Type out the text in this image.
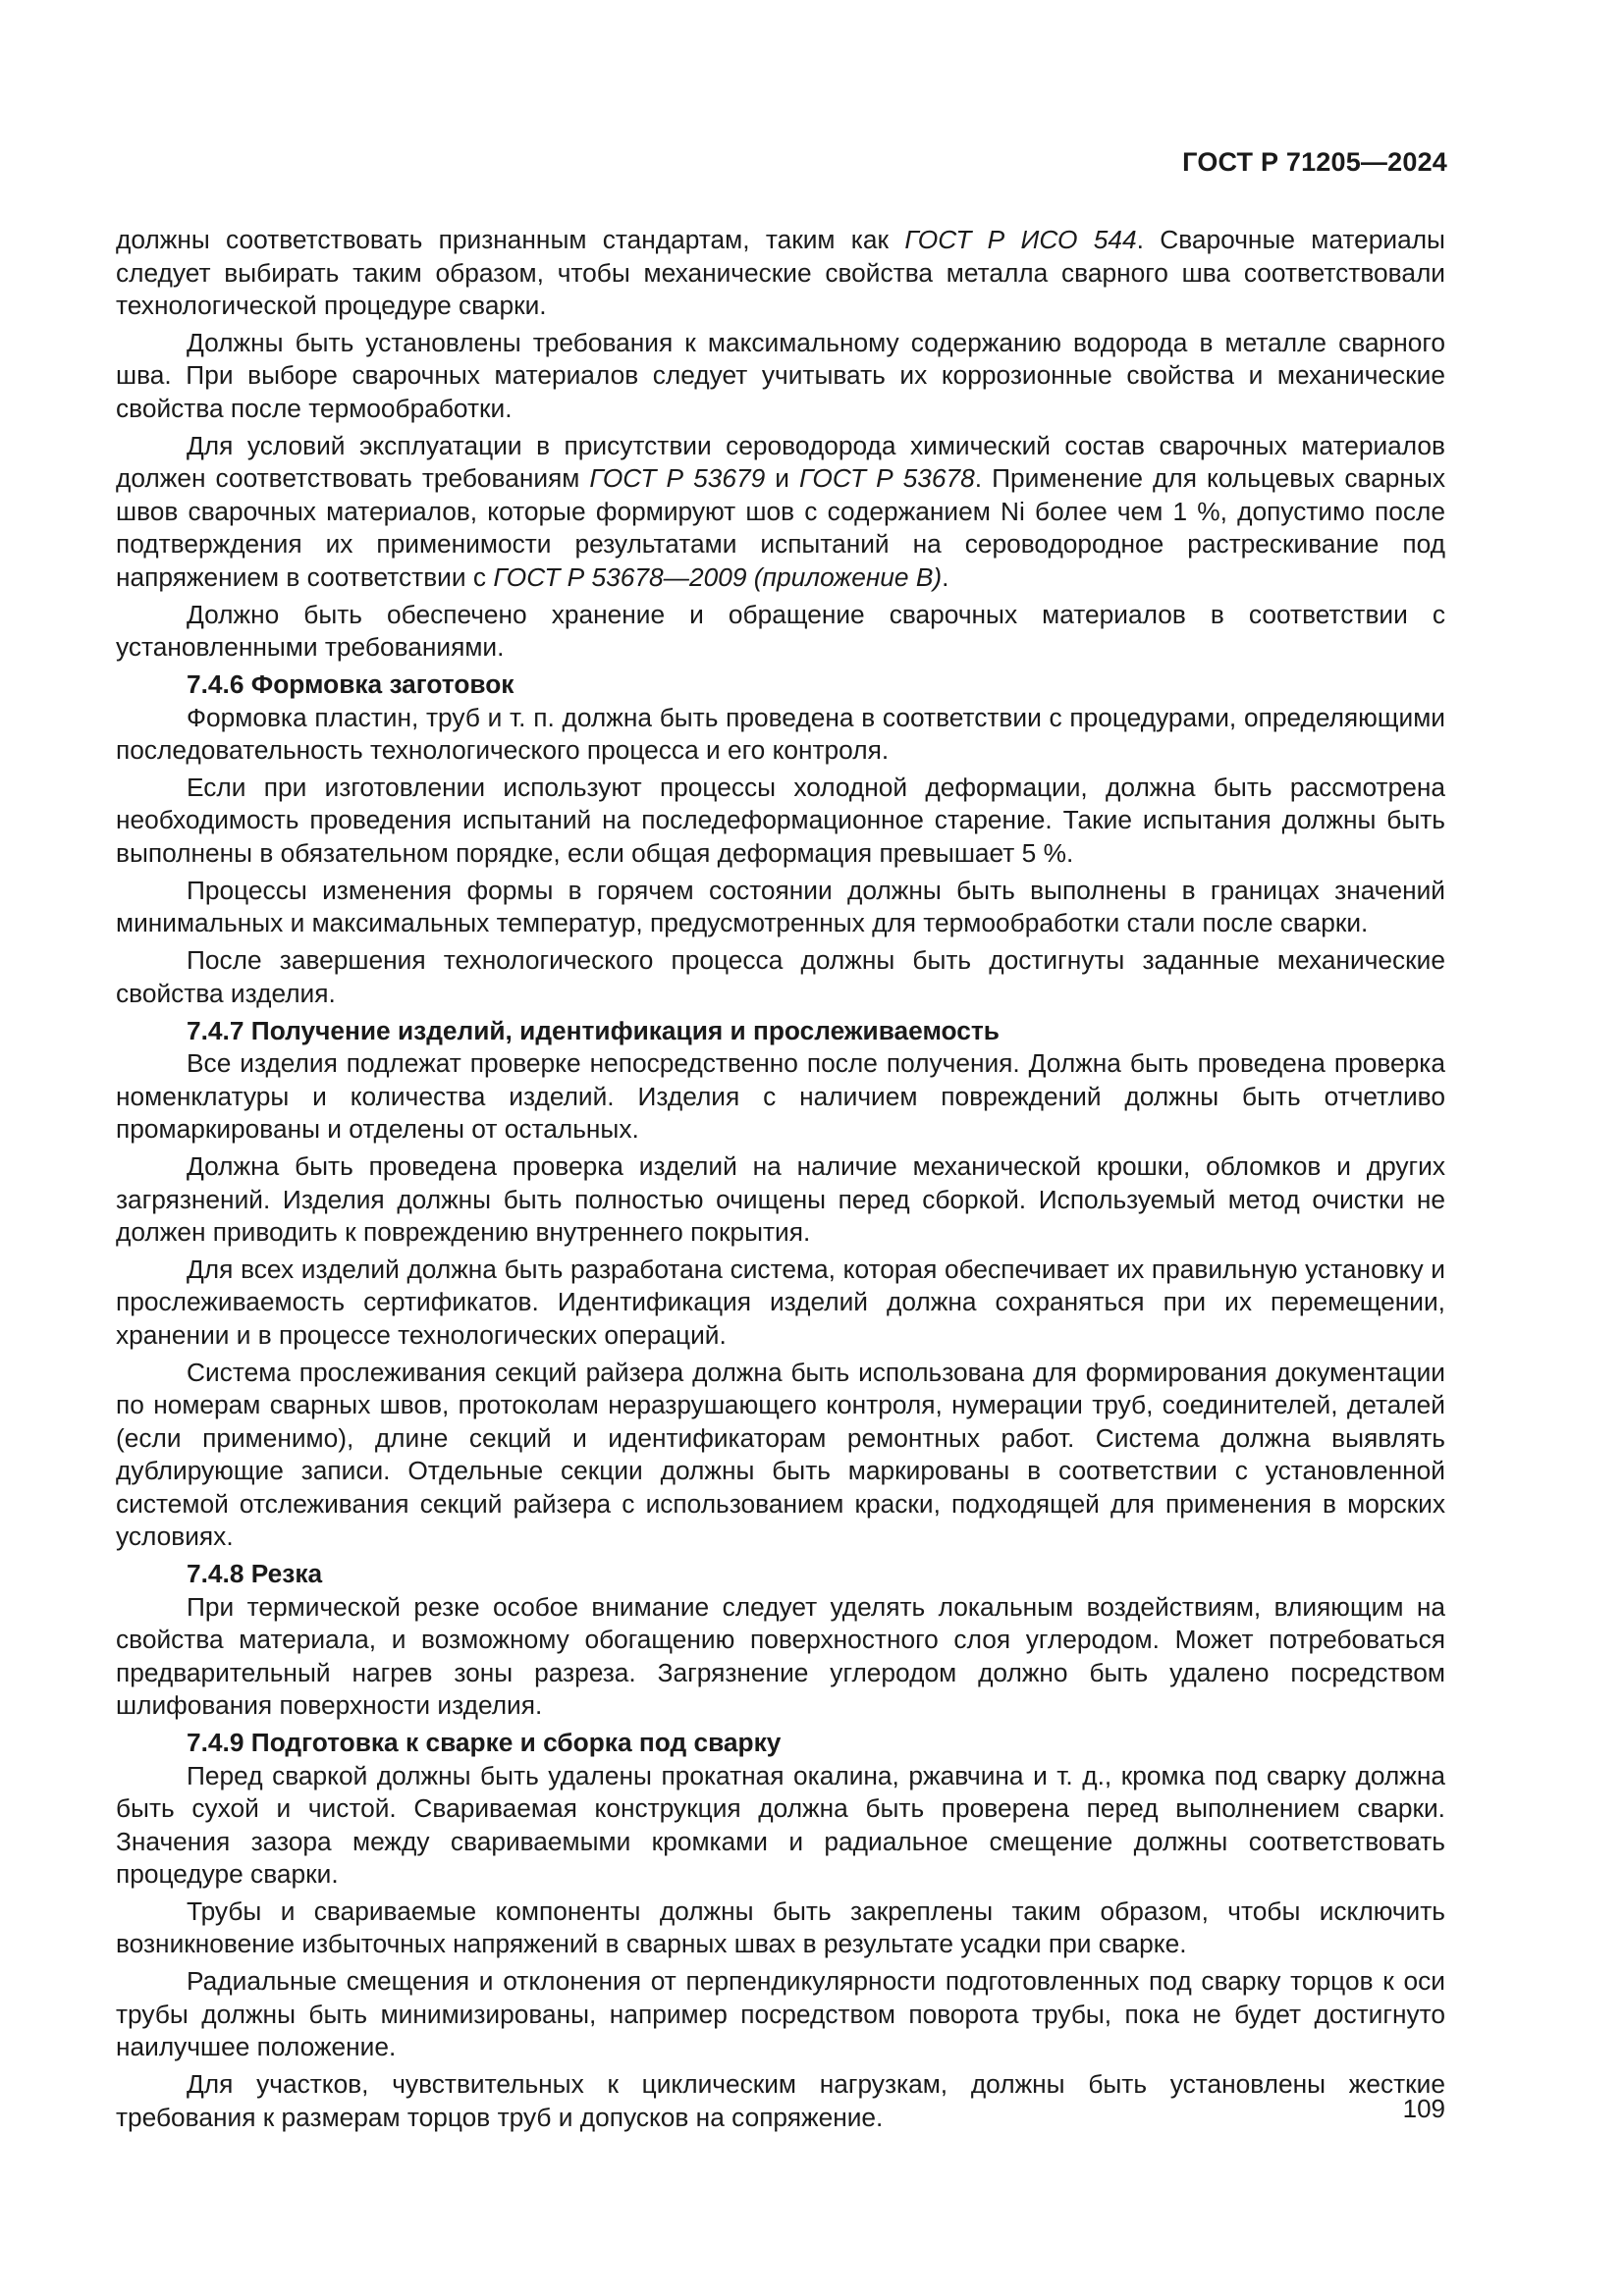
ГОСТ Р 71205—2024

должны соответствовать признанным стандартам, таким как ГОСТ Р ИСО 544. Сварочные материалы следует выбирать таким образом, чтобы механические свойства металла сварного шва соответствовали технологической процедуре сварки.

Должны быть установлены требования к максимальному содержанию водорода в металле сварного шва. При выборе сварочных материалов следует учитывать их коррозионные свойства и механические свойства после термообработки.

Для условий эксплуатации в присутствии сероводорода химический состав сварочных материалов должен соответствовать требованиям ГОСТ Р 53679 и ГОСТ Р 53678. Применение для кольцевых сварных швов сварочных материалов, которые формируют шов с содержанием Ni более чем 1 %, допустимо после подтверждения их применимости результатами испытаний на сероводородное растрескивание под напряжением в соответствии с ГОСТ Р 53678—2009 (приложение В).

Должно быть обеспечено хранение и обращение сварочных материалов в соответствии с установленными требованиями.

7.4.6 Формовка заготовок

Формовка пластин, труб и т. п. должна быть проведена в соответствии с процедурами, определяющими последовательность технологического процесса и его контроля.

Если при изготовлении используют процессы холодной деформации, должна быть рассмотрена необходимость проведения испытаний на последеформационное старение. Такие испытания должны быть выполнены в обязательном порядке, если общая деформация превышает 5 %.

Процессы изменения формы в горячем состоянии должны быть выполнены в границах значений минимальных и максимальных температур, предусмотренных для термообработки стали после сварки.

После завершения технологического процесса должны быть достигнуты заданные механические свойства изделия.

7.4.7 Получение изделий, идентификация и прослеживаемость

Все изделия подлежат проверке непосредственно после получения. Должна быть проведена проверка номенклатуры и количества изделий. Изделия с наличием повреждений должны быть отчетливо промаркированы и отделены от остальных.

Должна быть проведена проверка изделий на наличие механической крошки, обломков и других загрязнений. Изделия должны быть полностью очищены перед сборкой. Используемый метод очистки не должен приводить к повреждению внутреннего покрытия.

Для всех изделий должна быть разработана система, которая обеспечивает их правильную установку и прослеживаемость сертификатов. Идентификация изделий должна сохраняться при их перемещении, хранении и в процессе технологических операций.

Система прослеживания секций райзера должна быть использована для формирования документации по номерам сварных швов, протоколам неразрушающего контроля, нумерации труб, соединителей, деталей (если применимо), длине секций и идентификаторам ремонтных работ. Система должна выявлять дублирующие записи. Отдельные секции должны быть маркированы в соответствии с установленной системой отслеживания секций райзера с использованием краски, подходящей для применения в морских условиях.

7.4.8 Резка

При термической резке особое внимание следует уделять локальным воздействиям, влияющим на свойства материала, и возможному обогащению поверхностного слоя углеродом. Может потребоваться предварительный нагрев зоны разреза. Загрязнение углеродом должно быть удалено посредством шлифования поверхности изделия.

7.4.9 Подготовка к сварке и сборка под сварку

Перед сваркой должны быть удалены прокатная окалина, ржавчина и т. д., кромка под сварку должна быть сухой и чистой. Свариваемая конструкция должна быть проверена перед выполнением сварки. Значения зазора между свариваемыми кромками и радиальное смещение должны соответствовать процедуре сварки.

Трубы и свариваемые компоненты должны быть закреплены таким образом, чтобы исключить возникновение избыточных напряжений в сварных швах в результате усадки при сварке.

Радиальные смещения и отклонения от перпендикулярности подготовленных под сварку торцов к оси трубы должны быть минимизированы, например посредством поворота трубы, пока не будет достигнуто наилучшее положение.

Для участков, чувствительных к циклическим нагрузкам, должны быть установлены жесткие требования к размерам торцов труб и допусков на сопряжение.	109
